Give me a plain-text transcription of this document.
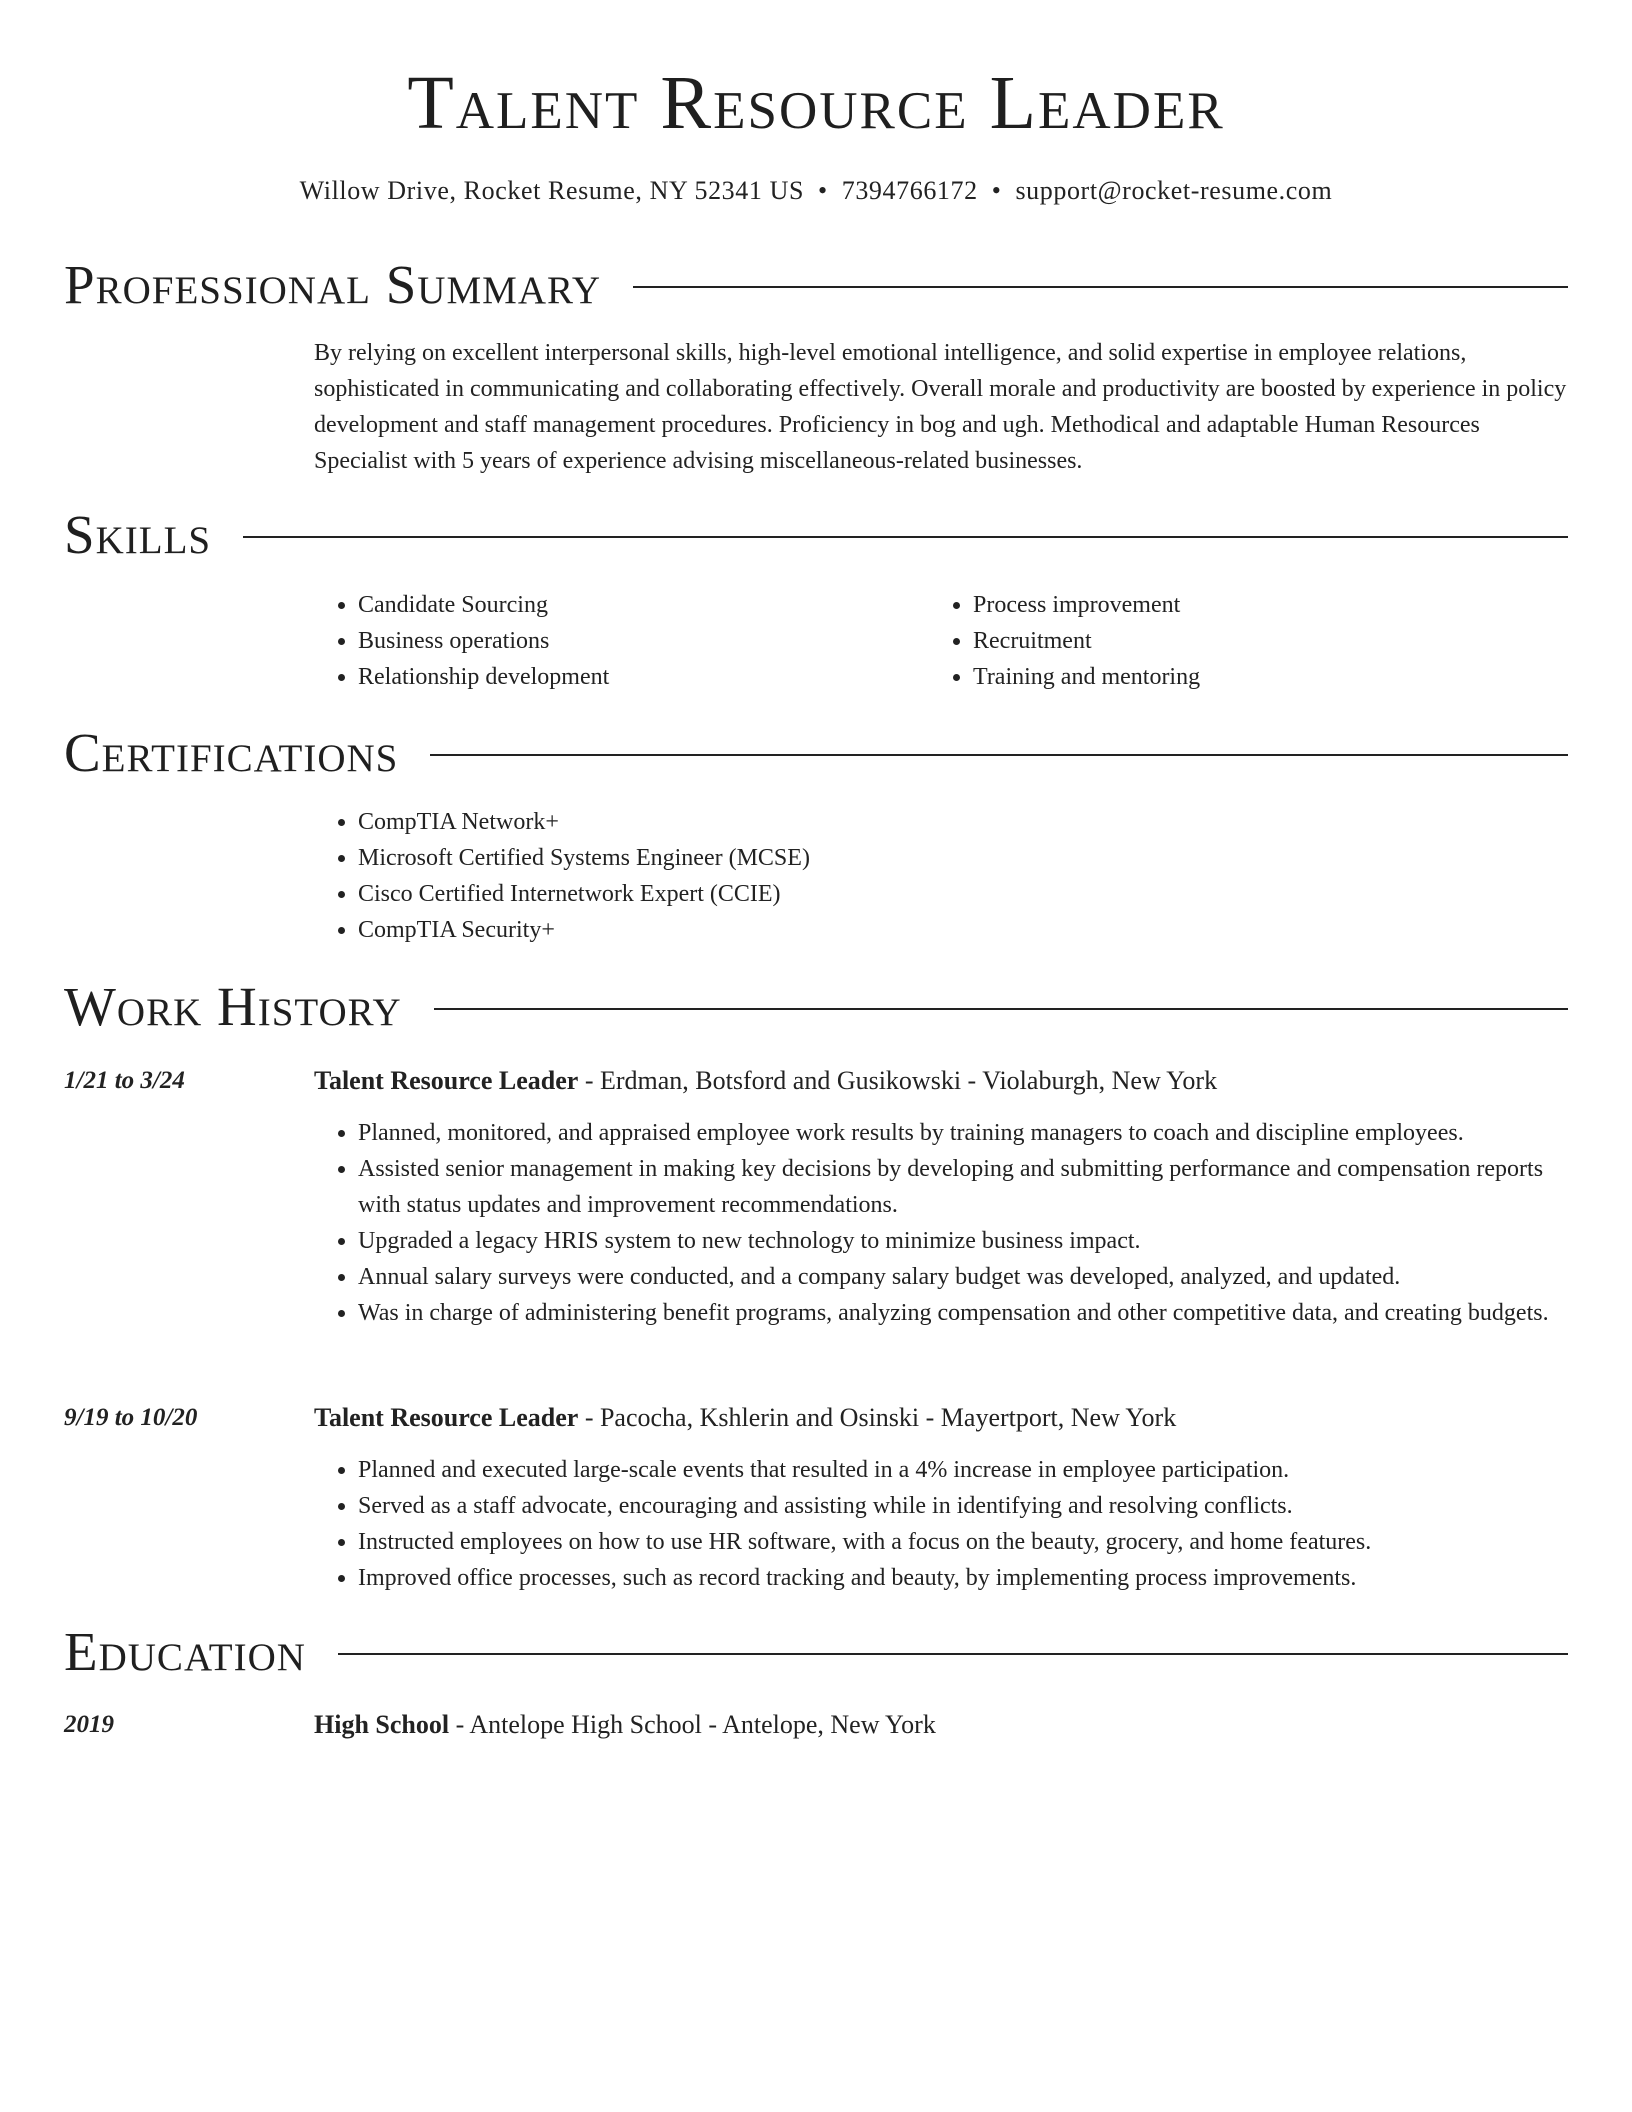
Talent Resource Leader
Willow Drive, Rocket Resume, NY 52341 US • 7394766172 • support@rocket-resume.com
Professional Summary
By relying on excellent interpersonal skills, high-level emotional intelligence, and solid expertise in employee relations, sophisticated in communicating and collaborating effectively. Overall morale and productivity are boosted by experience in policy development and staff management procedures. Proficiency in bog and ugh. Methodical and adaptable Human Resources Specialist with 5 years of experience advising miscellaneous-related businesses.
Skills
• Candidate Sourcing
• Business operations
• Relationship development
• Process improvement
• Recruitment
• Training and mentoring
Certifications
• CompTIA Network+
• Microsoft Certified Systems Engineer (MCSE)
• Cisco Certified Internetwork Expert (CCIE)
• CompTIA Security+
Work History
1/21 to 3/24	Talent Resource Leader - Erdman, Botsford and Gusikowski - Violaburgh, New York
• Planned, monitored, and appraised employee work results by training managers to coach and discipline employees.
• Assisted senior management in making key decisions by developing and submitting performance and compensation reports with status updates and improvement recommendations.
• Upgraded a legacy HRIS system to new technology to minimize business impact.
• Annual salary surveys were conducted, and a company salary budget was developed, analyzed, and updated.
• Was in charge of administering benefit programs, analyzing compensation and other competitive data, and creating budgets.
9/19 to 10/20	Talent Resource Leader - Pacocha, Kshlerin and Osinski - Mayertport, New York
• Planned and executed large-scale events that resulted in a 4% increase in employee participation.
• Served as a staff advocate, encouraging and assisting while in identifying and resolving conflicts.
• Instructed employees on how to use HR software, with a focus on the beauty, grocery, and home features.
• Improved office processes, such as record tracking and beauty, by implementing process improvements.
Education
2019	High School - Antelope High School - Antelope, New York
